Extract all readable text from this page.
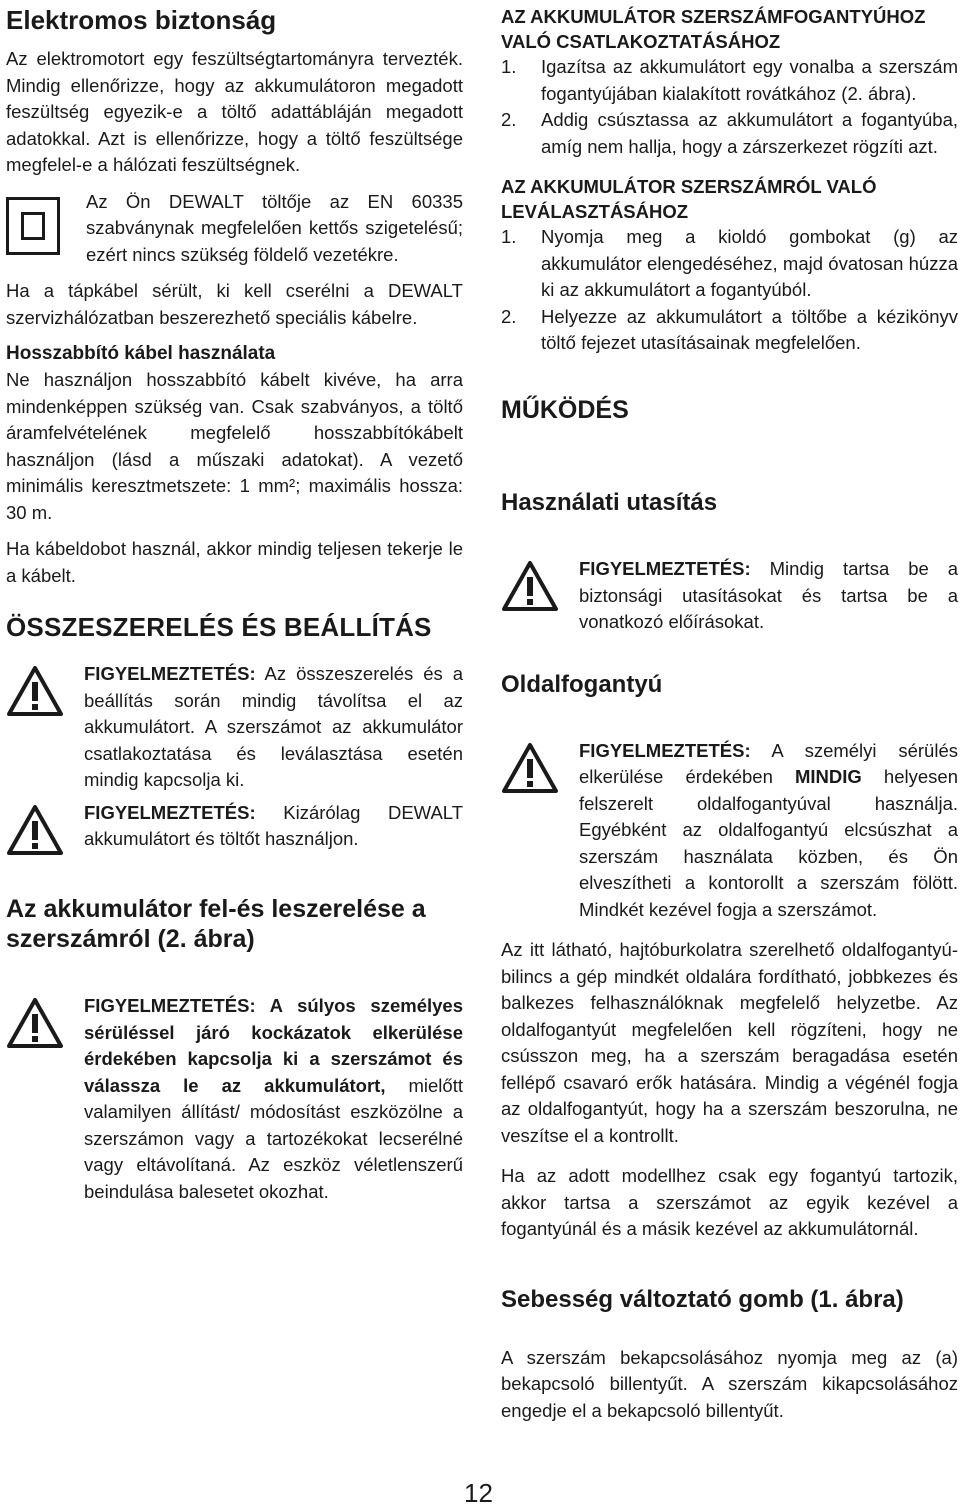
Elektromos biztonság

Az elektromotort egy feszültségtartományra tervezték. Mindig ellenőrizze, hogy az akkumulátoron megadott feszültség egyezik-e a töltő adattábláján megadott adatokkal. Azt is ellenőrizze, hogy a töltő feszültsége megfelel-e a hálózati feszültségnek.

Az Ön DEWALT töltője az EN 60335 szabványnak megfelelően kettős szigetelésű; ezért nincs szükség földelő vezetékre.

Ha a tápkábel sérült, ki kell cserélni a DEWALT szervizhálózatban beszerezhető speciális kábelre.

Hosszabbító kábel használata

Ne használjon hosszabbító kábelt kivéve, ha arra mindenképpen szükség van. Csak szabványos, a töltő áramfelvételének megfelelő hosszabbítókábelt használjon (lásd a műszaki adatokat). A vezető minimális keresztmetszete: 1 mm²; maximális hossza: 30 m.

Ha kábeldobot használ, akkor mindig teljesen tekerje le a kábelt.

ÖSSZESZERELÉS ÉS BEÁLLÍTÁS

FIGYELMEZTETÉS: Az összeszerelés és a beállítás során mindig távolítsa el az akkumulátort. A szerszámot az akkumulátor csatlakoztatása és leválasztása esetén mindig kapcsolja ki.

FIGYELMEZTETÉS: Kizárólag DEWALT akkumulátort és töltőt használjon.

Az akkumulátor fel-és leszerelése a szerszámról (2. ábra)

FIGYELMEZTETÉS: A súlyos személyes sérüléssel járó kockázatok elkerülése érdekében kapcsolja ki a szerszámot és válassza le az akkumulátort, mielőtt valamilyen állítást/ módosítást eszközölne a szerszámon vagy a tartozékokat lecserélné vagy eltávolítaná. Az eszköz véletlenszerű beindulása balesetet okozhat.

AZ AKKUMULÁTOR SZERSZÁMFOGANTYÚHOZ VALÓ CSATLAKOZTATÁSÁHOZ

1.	Igazítsa az akkumulátort egy vonalba a szerszám fogantyújában kialakított rovátkához (2. ábra).
2.	Addig csúsztassa az akkumulátort a fogantyúba, amíg nem hallja, hogy a zárszerkezet rögzíti azt.

AZ AKKUMULÁTOR SZERSZÁMRÓL VALÓ LEVÁLASZTÁSÁHOZ

1.	Nyomja meg a kioldó gombokat (g) az akkumulátor elengedéséhez, majd óvatosan húzza ki az akkumulátort a fogantyúból.
2.	Helyezze az akkumulátort a töltőbe a kézikönyv töltő fejezet utasításainak megfelelően.
MŰKÖDÉS
Használati utasítás

FIGYELMEZTETÉS: Mindig tartsa be a biztonsági utasításokat és tartsa be a vonatkozó előírásokat.

Oldalfogantyú

FIGYELMEZTETÉS: A személyi sérülés elkerülése érdekében MINDIG helyesen felszerelt oldalfogantyúval használja. Egyébként az oldalfogantyú elcsúszhat a szerszám használata közben, és Ön elveszítheti a kontorollt a szerszám fölött. Mindkét kezével fogja a szerszámot.

Az itt látható, hajtóburkolatra szerelhető oldalfogantyú-bilincs a gép mindkét oldalára fordítható, jobbkezes és balkezes felhasználóknak megfelelő helyzetbe. Az oldalfogantyút megfelelően kell rögzíteni, hogy ne csússzon meg, ha a szerszám beragadása esetén fellépő csavaró erők hatására. Mindig a végénél fogja az oldalfogantyút, hogy ha a szerszám beszorulna, ne veszítse el a kontrollt.

Ha az adott modellhez csak egy fogantyú tartozik, akkor tartsa a szerszámot az egyik kezével a fogantyúnál és a másik kezével az akkumulátornál.

Sebesség változtató gomb (1. ábra)

A szerszám bekapcsolásához nyomja meg az (a) bekapcsoló billentyűt. A szerszám kikapcsolásához engedje el a bekapcsoló billentyűt.

12
